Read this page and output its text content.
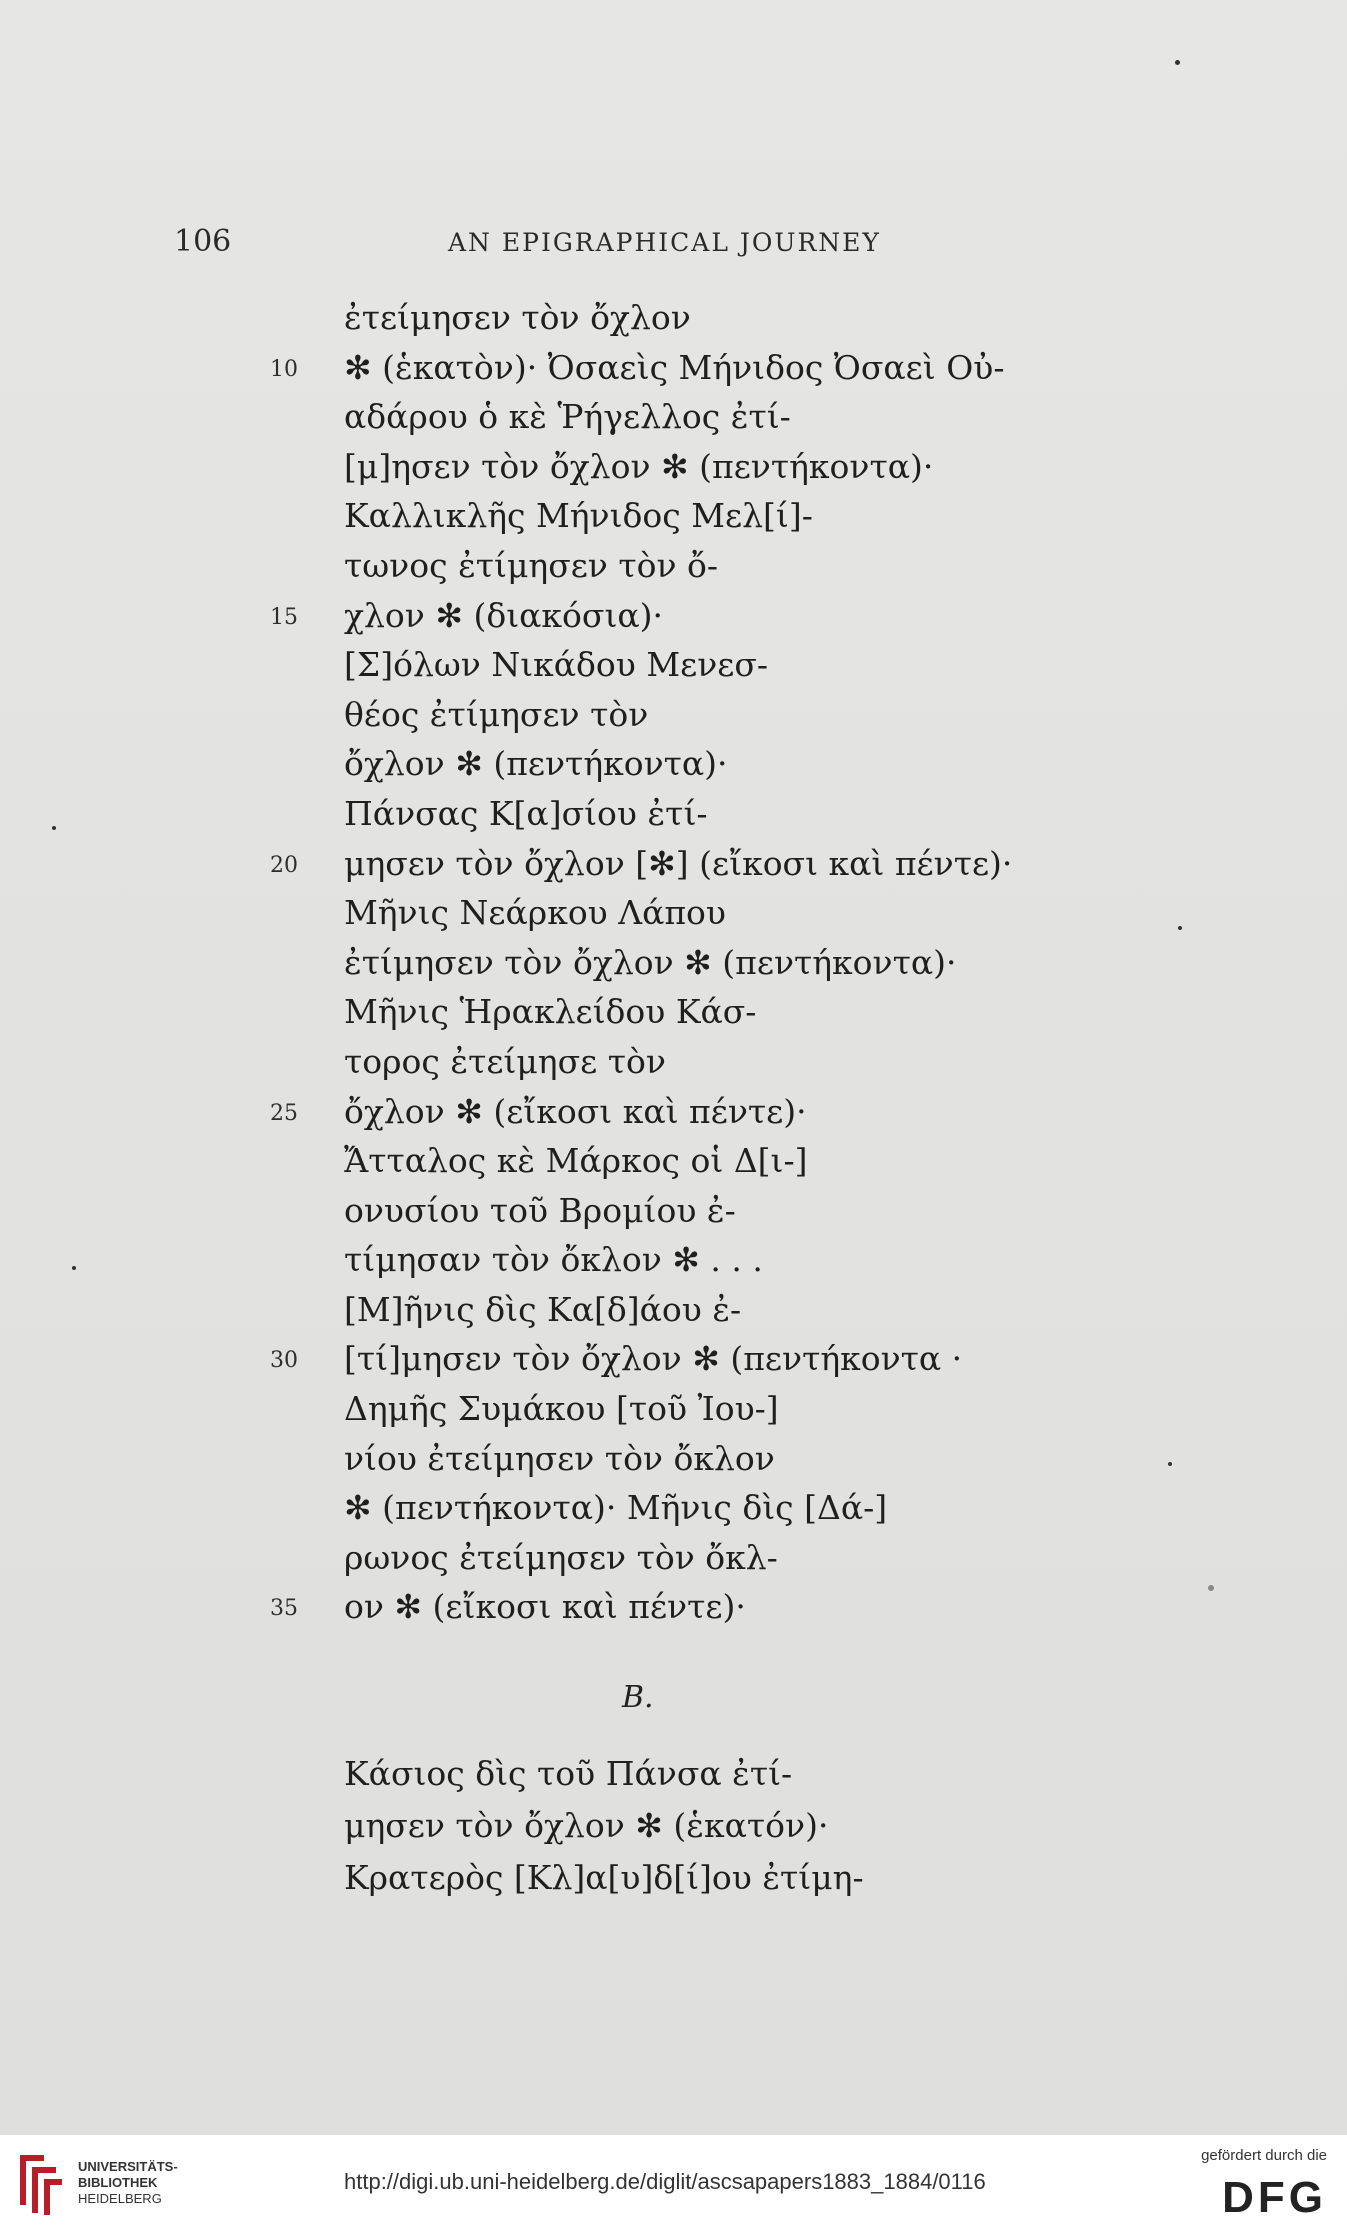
106	AN EPIGRAPHICAL JOURNEY
ἐτείμησεν τὸν ὄχλον
10 ✻ (ἑκατὸν)· Ὀσαεὶς Μήνιδος Ὀσαεὶ Οὐ-
αδάρου ὁ κὲ Ῥήγελλος ἐτί-
[μ]ησεν τὸν ὄχλον ✻ (πεντήκοντα)·
Καλλικλῆς Μήνιδος Μελ[ί]-
τωνος ἐτίμησεν τὸν ὄ-
15 χλον ✻ (διακόσια)·
[Σ]όλων Νικάδου Μενεσ-
θέος ἐτίμησεν τὸν
ὄχλον ✻ (πεντήκοντα)·
Πάνσας Κ[α]σίου ἐτί-
20 μησεν τὸν ὄχλον [✻] (εἴκοσι καὶ πέντε)·
Μῆνις Νεάρκου Λάπου
ἐτίμησεν τὸν ὄχλον ✻ (πεντήκοντα)·
Μῆνις Ἡρακλείδου Κάσ-
τορος ἐτείμησε τὸν
25 ὄχλον ✻ (εἴκοσι καὶ πέντε)·
Ἄτταλος κὲ Μάρκος οἱ Δ[ι-]
ονυσίου τοῦ Βρομίου ἐ-
τίμησαν τὸν ὄκλον ✻ . . .
[Μ]ῆνις δὶς Κα[δ]άου ἐ-
30 [τί]μησεν τὸν ὄχλον ✻ (πεντήκοντα ·
Δημῆς Συμάκου [τοῦ Ἰου-]
νίου ἐτείμησεν τὸν ὄκλον
✻ (πεντήκοντα)· Μῆνις δὶς [Δά-]
ρωνος ἐτείμησεν τὸν ὄκλ-
35 ον ✻ (εἴκοσι καὶ πέντε)·
B.
Κάσιος δὶς τοῦ Πάνσα ἐτί-
μησεν τὸν ὄχλον ✻ (ἑκατόν)·
Κρατερὸς [Κλ]α[υ]δ[ί]ου ἐτίμη-
UNIVERSITÄTS-
BIBLIOTHEK
HEIDELBERG
http://digi.ub.uni-heidelberg.de/diglit/ascsapapers1883_1884/0116
gefördert durch die
DFG
